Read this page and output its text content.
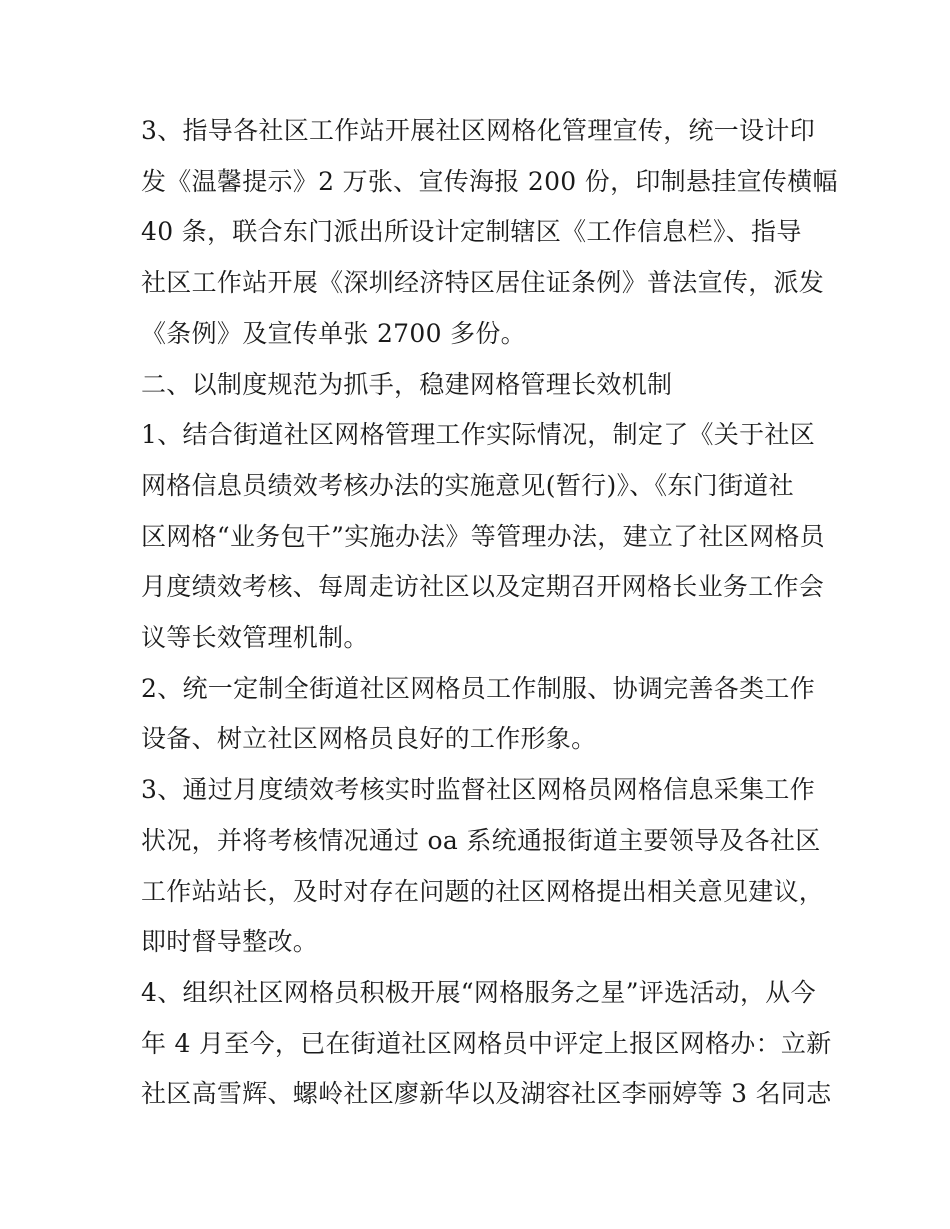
3、指导各社区工作站开展社区网格化管理宣传，统一设计印
发《温馨提示》2 万张、宣传海报 200 份，印制悬挂宣传横幅
40 条，联合东门派出所设计定制辖区《工作信息栏》、指导
社区工作站开展《深圳经济特区居住证条例》普法宣传，派发
《条例》及宣传单张 2700 多份。
二、以制度规范为抓手，稳建网格管理长效机制
1、结合街道社区网格管理工作实际情况，制定了《关于社区
网格信息员绩效考核办法的实施意见(暂行)》、《东门街道社
区网格“业务包干”实施办法》等管理办法，建立了社区网格员
月度绩效考核、每周走访社区以及定期召开网格长业务工作会
议等长效管理机制。
2、统一定制全街道社区网格员工作制服、协调完善各类工作
设备、树立社区网格员良好的工作形象。
3、通过月度绩效考核实时监督社区网格员网格信息采集工作
状况，并将考核情况通过 oa 系统通报街道主要领导及各社区
工作站站长，及时对存在问题的社区网格提出相关意见建议，
即时督导整改。
4、组织社区网格员积极开展“网格服务之星”评选活动，从今
年 4 月至今，已在街道社区网格员中评定上报区网格办：立新
社区高雪辉、螺岭社区廖新华以及湖容社区李丽婷等 3 名同志
